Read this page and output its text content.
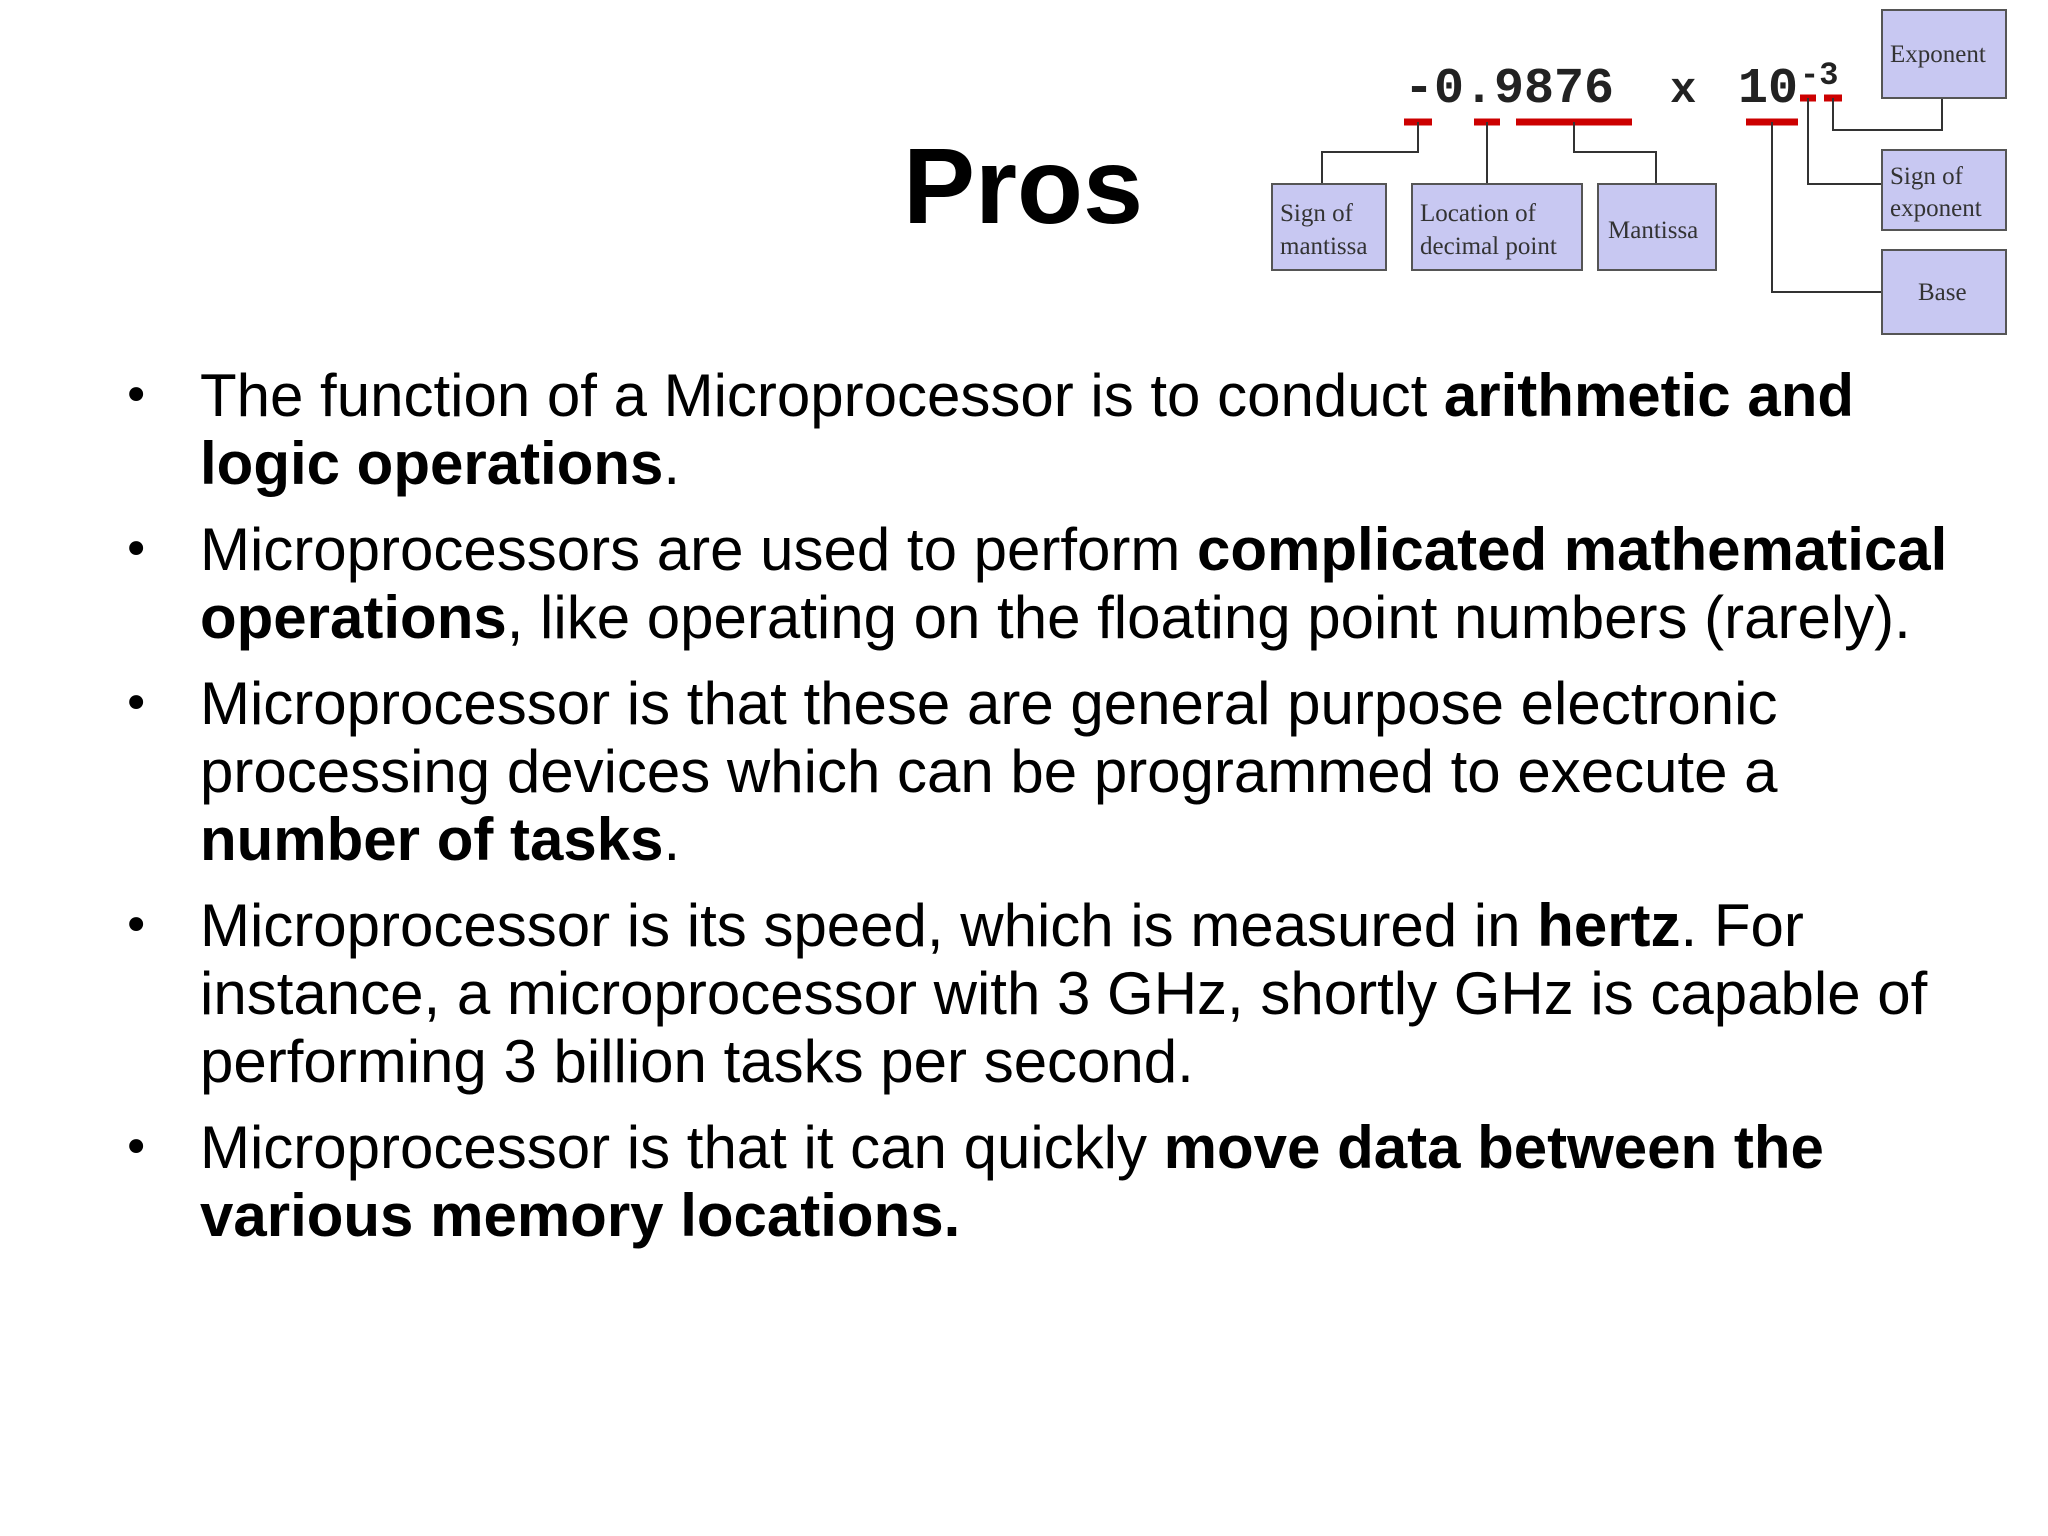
Pros
-0.9876 x 10 -3
Sign of
mantissa
Location of
decimal point
Mantissa
Exponent
Sign of
exponent
Base
• The function of a Microprocessor is to conduct arithmetic and logic operations.
• Microprocessors are used to perform complicated mathematical operations, like operating on the floating point numbers (rarely).
• Microprocessor is that these are general purpose electronic processing devices which can be programmed to execute a number of tasks.
• Microprocessor is its speed, which is measured in hertz. For instance, a microprocessor with 3 GHz, shortly GHz is capable of performing 3 billion tasks per second.
• Microprocessor is that it can quickly move data between the various memory locations.
